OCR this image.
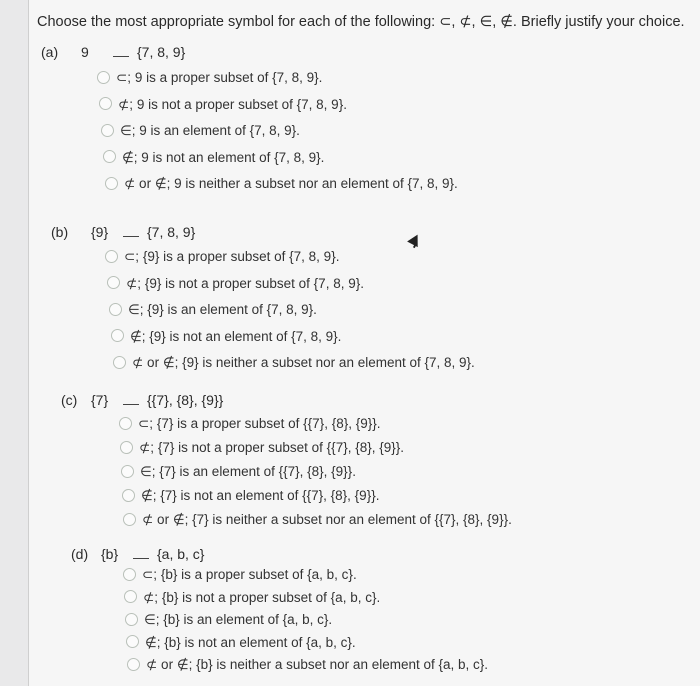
Choose the most appropriate symbol for each of the following: ⊂, ⊄, ∈, ∉. Briefly justify your choice.
(a) 9	{7, 8, 9}
⊂; 9 is a proper subset of {7, 8, 9}.
⊄; 9 is not a proper subset of {7, 8, 9}.
∈; 9 is an element of {7, 8, 9}.
∉; 9 is not an element of {7, 8, 9}.
⊄ or ∉; 9 is neither a subset nor an element of {7, 8, 9}.
(b) {9}	{7, 8, 9}
⊂; {9} is a proper subset of {7, 8, 9}.
⊄; {9} is not a proper subset of {7, 8, 9}.
∈; {9} is an element of {7, 8, 9}.
∉; {9} is not an element of {7, 8, 9}.
⊄ or ∉; {9} is neither a subset nor an element of {7, 8, 9}.
(c) {7}	{{7}, {8}, {9}}
⊂; {7} is a proper subset of {{7}, {8}, {9}}.
⊄; {7} is not a proper subset of {{7}, {8}, {9}}.
∈; {7} is an element of {{7}, {8}, {9}}.
∉; {7} is not an element of {{7}, {8}, {9}}.
⊄ or ∉; {7} is neither a subset nor an element of {{7}, {8}, {9}}.
(d) {b}	{a, b, c}
⊂; {b} is a proper subset of {a, b, c}.
⊄; {b} is not a proper subset of {a, b, c}.
∈; {b} is an element of {a, b, c}.
∉; {b} is not an element of {a, b, c}.
⊄ or ∉; {b} is neither a subset nor an element of {a, b, c}.
